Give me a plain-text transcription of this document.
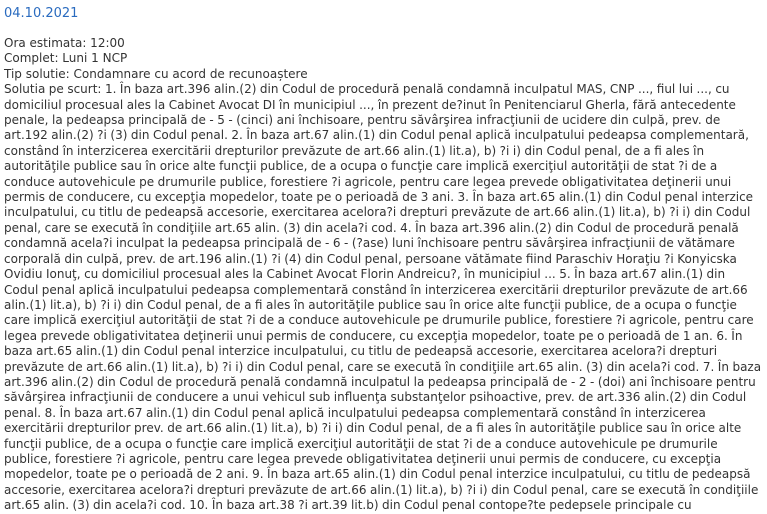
04.10.2021
Ora estimata: 12:00
Complet: Luni 1 NCP
Tip solutie: Condamnare cu acord de recunoaștere
Solutia pe scurt: 1. În baza art.396 alin.(2) din Codul de procedură penală condamnă inculpatul MAS, CNP ..., fiul lui ..., cu domiciliul procesual ales la Cabinet Avocat DI în municipiul ..., în prezent de?inut în Penitenciarul Gherla, fără antecedente penale, la pedeapsa principală de - 5 - (cinci) ani închisoare, pentru săvârşirea infracţiunii de ucidere din culpă, prev. de art.192 alin.(2) ?i (3) din Codul penal. 2. În baza art.67 alin.(1) din Codul penal aplică inculpatului pedeapsa complementară, constând în interzicerea exercitării drepturilor prevăzute de art.66 alin.(1) lit.a), b) ?i i) din Codul penal, de a fi ales în autorităţile publice sau în orice alte funcţii publice, de a ocupa o funcţie care implică exerciţiul autorităţii de stat ?i de a conduce autovehicule pe drumurile publice, forestiere ?i agricole, pentru care legea prevede obligativitatea deţinerii unui permis de conducere, cu excepţia mopedelor, toate pe o perioadă de 3 ani. 3. În baza art.65 alin.(1) din Codul penal interzice inculpatului, cu titlu de pedeapsă accesorie, exercitarea acelora?i drepturi prevăzute de art.66 alin.(1) lit.a), b) ?i i) din Codul penal, care se execută în condiţiile art.65 alin. (3) din acela?i cod. 4. În baza art.396 alin.(2) din Codul de procedură penală condamnă acela?i inculpat la pedeapsa principală de - 6 - (?ase) luni închisoare pentru săvârşirea infracţiunii de vătămare corporală din culpă, prev. de art.196 alin.(1) ?i (4) din Codul penal, persoane vătămate fiind Paraschiv Horaţiu ?i Konyicska Ovidiu Ionuţ, cu domiciliul procesual ales la Cabinet Avocat Florin Andreicu?, în municipiul ... 5. În baza art.67 alin.(1) din Codul penal aplică inculpatului pedeapsa complementară constând în interzicerea exercitării drepturilor prevăzute de art.66 alin.(1) lit.a), b) ?i i) din Codul penal, de a fi ales în autorităţile publice sau în orice alte funcţii publice, de a ocupa o funcţie care implică exerciţiul autorităţii de stat ?i de a conduce autovehicule pe drumurile publice, forestiere ?i agricole, pentru care legea prevede obligativitatea deţinerii unui permis de conducere, cu excepţia mopedelor, toate pe o perioadă de 1 an. 6. În baza art.65 alin.(1) din Codul penal interzice inculpatului, cu titlu de pedeapsă accesorie, exercitarea acelora?i drepturi prevăzute de art.66 alin.(1) lit.a), b) ?i i) din Codul penal, care se execută în condiţiile art.65 alin. (3) din acela?i cod. 7. În baza art.396 alin.(2) din Codul de procedură penală condamnă inculpatul la pedeapsa principală de - 2 - (doi) ani închisoare pentru săvârşirea infracţiunii de conducere a unui vehicul sub influenţa substanţelor psihoactive, prev. de art.336 alin.(2) din Codul penal. 8. În baza art.67 alin.(1) din Codul penal aplică inculpatului pedeapsa complementară constând în interzicerea exercitării drepturilor prev. de art.66 alin.(1) lit.a), b) ?i i) din Codul penal, de a fi ales în autorităţile publice sau în orice alte funcţii publice, de a ocupa o funcţie care implică exerciţiul autorităţii de stat ?i de a conduce autovehicule pe drumurile publice, forestiere ?i agricole, pentru care legea prevede obligativitatea deţinerii unui permis de conducere, cu excepţia mopedelor, toate pe o perioadă de 2 ani. 9. În baza art.65 alin.(1) din Codul penal interzice inculpatului, cu titlu de pedeapsă accesorie, exercitarea acelora?i drepturi prevăzute de art.66 alin.(1) lit.a), b) ?i i) din Codul penal, care se execută în condiţiile art.65 alin. (3) din acela?i cod. 10. În baza art.38 ?i art.39 lit.b) din Codul penal contope?te pedepsele principale cu
